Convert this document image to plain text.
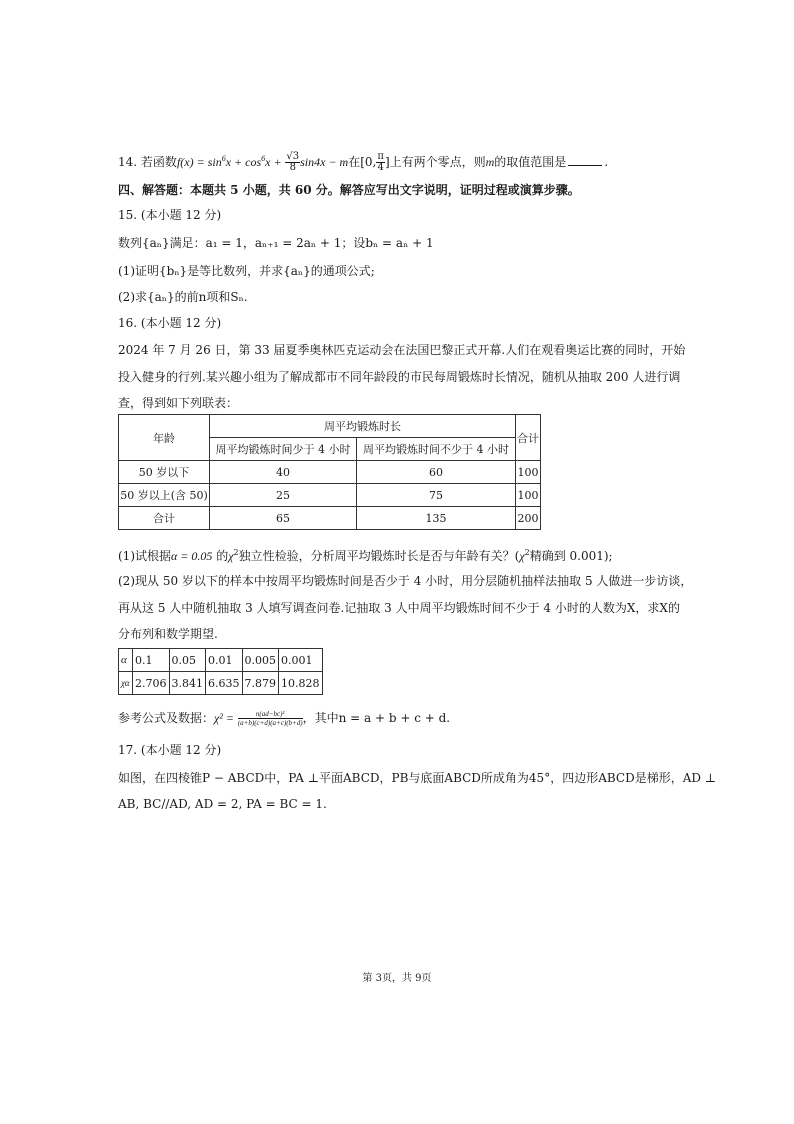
14. 若函数$f(x) = \sin^6x + \cos^6x + \frac{√3}{8} \sin 4x - m$在[0, $\frac{\pi}{4}$ ]上有两个零点，则m的取值范围是	.
四、解答题：本题共 5 小题，共 60 分。解答应写出文字说明，证明过程或演算步骤。
15. (本小题 12 分)
数列{aₙ}满足：a₁ = 1，aₙ₊₁ = 2aₙ + 1；设bₙ = aₙ + 1
(1)证明{bₙ}是等比数列，并求{aₙ}的通项公式;
(2)求{aₙ}的前n项和Sₙ.
16. (本小题 12 分)
2024 年 7 月 26 日，第 33 届夏季奥林匹克运动会在法国巴黎正式开幕.人们在观看奥运比赛的同时，开始
投入健身的行列.某兴趣小组为了解成都市不同年龄段的市民每周锻炼时长情况，随机从抽取 200 人进行调
查，得到如下列联表：
年龄	周平均锻炼时长		合计
	周平均锻炼时间少于 4 小时	周平均锻炼时间不少于 4 小时	
50 岁以下	40	60	100
50 岁以上(含 50)	25	75	100
合计	65	135	200
(1)试根据α = 0.05 的$\chi^2$独立性检验，分析周平均锻炼时长是否与年龄有关？($\chi^2$精确到 0.001);
(2)现从 50 岁以下的样本中按周平均锻炼时间是否少于 4 小时，用分层随机抽样法抽取 5 人做进一步访谈，
再从这 5 人中随机抽取 3 人填写调查问卷.记抽取 3 人中周平均锻炼时间不少于 4 小时的人数为X，求X的
分布列和数学期望.
α	0.1	0.05	0.01	0.005	0.001
χα	2.706	3.841	6.635	7.879	10.828
参考公式及数据：$\chi^2 = \frac{\text{n(ad−bc)²}}{(a+b)(c+d)(a+c)(b+d)}$ ，其中n = a + b + c + d.
17. (本小题 12 分)
如图，在四棱锥P − ABCD中，PA ⊥平面ABCD，PB与底面ABCD所成角为45°，四边形ABCD是梯形，AD ⊥
AB, BC//AD, AD = 2, PA = BC = 1.
第 3页，共 9页
